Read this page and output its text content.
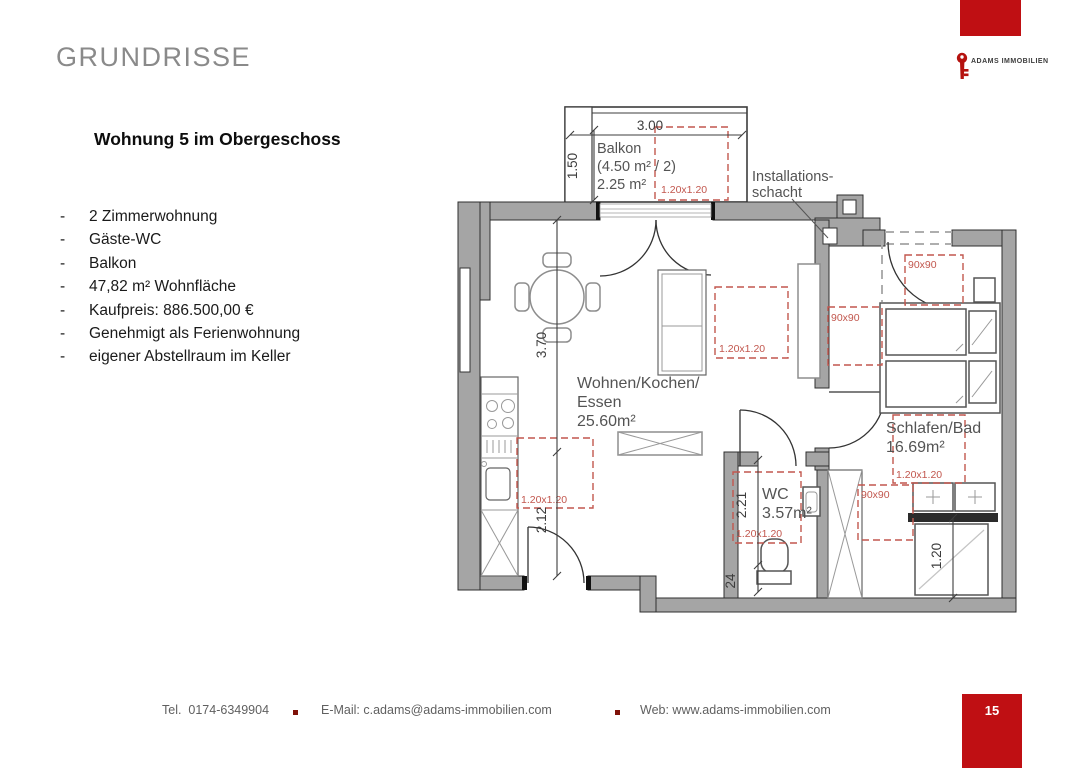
GRUNDRISSE	ADAMS IMMOBILIEN
Wohnung 5 im Obergeschoss
-	2 Zimmerwohnung
-	Gäste-WC
-	Balkon
-	47,82 m² Wohnfläche
-	Kaufpreis: 886.500,00 €
-	Genehmigt als Ferienwohnung
-	eigener Abstellraum im Keller
1.20x1.20
1.20x1.20
1.20x1.20
1.20x1.20
1.20x1.20
90x90
90x90
90x90
3.00
1.50
3.70
2.12
2.21
24
1.20
Balkon
(4.50 m² / 2)
2.25 m²	Installations-
schacht
Wohnen/Kochen/
Essen
25.60m²	Schlafen/Bad
16.69m²
WC
3.57m²
Tel.  0174-6349904	E-Mail: c.adams@adams-immobilien.com	Web: www.adams-immobilien.com	15
